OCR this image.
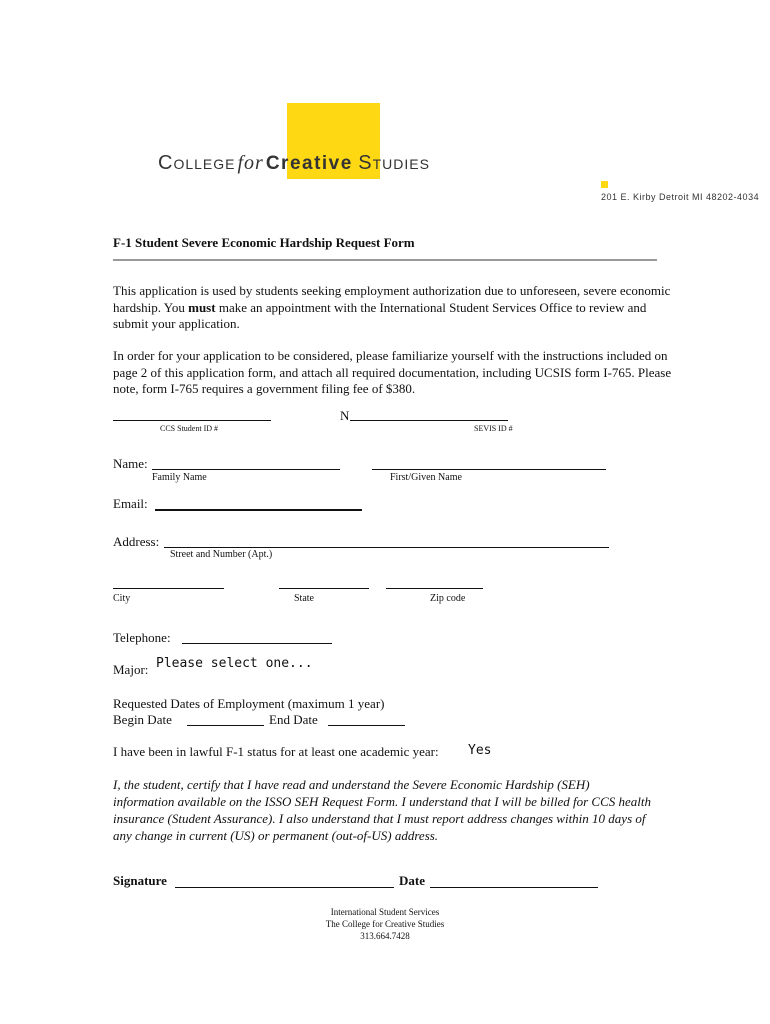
College for Creative Studies
201 E. Kirby Detroit MI 48202-4034
F-1 Student Severe Economic Hardship Request Form
This application is used by students seeking employment authorization due to unforeseen, severe economic hardship. You must make an appointment with the International Student Services Office to review and submit your application.
In order for your application to be considered, please familiarize yourself with the instructions included on page 2 of this application form, and attach all required documentation, including UCSIS form I-765. Please note, form I-765 requires a government filing fee of $380.
CCS Student ID #
N
SEVIS ID #
Name:
Family Name	First/Given Name
Email:
Address:
Street and Number (Apt.)
City	State	Zip code
Telephone:
Major: Please select one...
Requested Dates of Employment (maximum 1 year)
Begin Date	End Date
I have been in lawful F-1 status for at least one academic year: Yes
I, the student, certify that I have read and understand the Severe Economic Hardship (SEH) information available on the ISSO SEH Request Form. I understand that I will be billed for CCS health insurance (Student Assurance). I also understand that I must report address changes within 10 days of any change in current (US) or permanent (out-of-US) address.
Signature	Date
International Student Services
The College for Creative Studies
313.664.7428
